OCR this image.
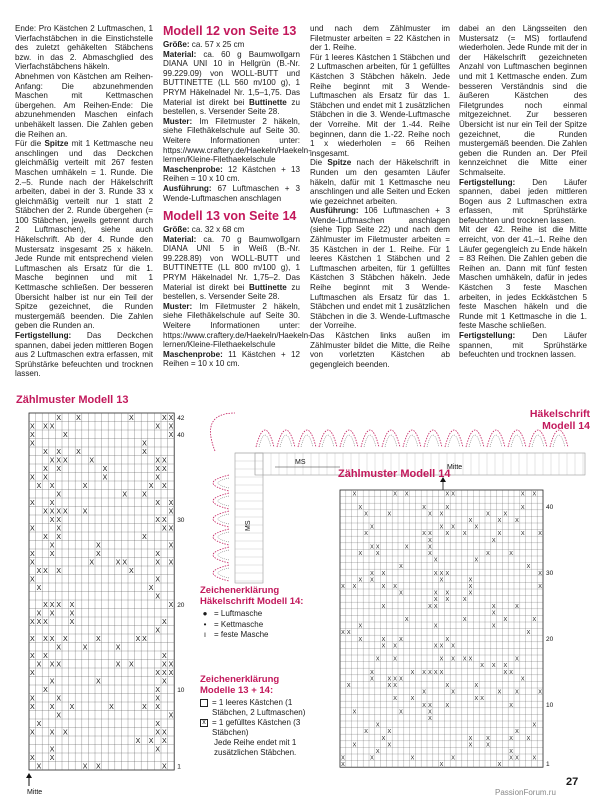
Ende: Pro Kästchen 2 Luftmaschen, 1 Vierfachstäbchen in die Einstichstelle des zuletzt gehäkelten Stäbchens bzw. in das 2. Abmaschglied des Vierfachstäbchens häkeln.

Abnehmen von Kästchen am Reihen-Anfang: Die abzunehmenden Maschen mit Kettmaschen übergehen. Am Reihen-Ende: Die abzunehmenden Maschen einfach unbehäkelt lassen. Die Zahlen geben die Reihen an.

Für die Spitze mit 1 Kettmasche neu anschlingen und das Deckchen gleichmäßig verteilt mit 267 festen Maschen umhäkeln = 1. Runde. Die 2.–5. Runde nach der Häkelschrift arbeiten, dabei in der 3. Runde 33 x gleichmäßig verteilt nur 1 statt 2 Stäbchen der 2. Runde übergehen (= 100 Stäbchen, jeweils getrennt durch 2 Luftmaschen), siehe auch Häkelschrift. Ab der 4. Runde den Mustersatz insgesamt 25 x häkeln. Jede Runde mit entsprechend vielen Luftmaschen als Ersatz für die 1. Masche beginnen und mit 1 Kettmasche schließen. Der besseren Übersicht halber ist nur ein Teil der Spitze gezeichnet, die Runden mustergemäß beenden. Die Zahlen geben die Runden an.

Fertigstellung: Das Deckchen spannen, dabei jeden mittleren Bogen aus 2 Luftmaschen extra erfassen, mit Sprühstärke befeuchten und trocknen lassen.

Modell 12 von Seite 13

Größe: ca. 57 x 25 cm

Material: ca. 60 g Baumwollgarn DIANA UNI 10 in Hellgrün (B.-Nr. 99.229.09) von WOLL-BUTT und BUTTINETTE (LL 560 m/100 g), 1 PRYM Häkelnadel Nr. 1,5–1,75. Das Material ist direkt bei Buttinette zu bestellen, s. Versender Seite 28.

Muster: Im Filetmuster 2 häkeln, siehe Filethäkelschule auf Seite 30. Weitere Informationen unter: https://www.craftery.de/Haekeln/Haekeln-lernen/Kleine-Filethaekelschule

Maschenprobe: 12 Kästchen + 13 Reihen = 10 x 10 cm.

Ausführung: 67 Luftmaschen + 3 Wende-Luftmaschen anschlagen

Modell 13 von Seite 14

Größe: ca. 32 x 68 cm

Material: ca. 70 g Baumwollgarn DIANA UNI 5 in Weiß (B.-Nr. 99.228.89) von WOLL-BUTT und BUTTINETTE (LL 800 m/100 g), 1 PRYM Häkelnadel Nr. 1,75–2. Das Material ist direkt bei Buttinette zu bestellen, s. Versender Seite 28.

Muster: Im Filetmuster 2 häkeln, siehe Filethäkelschule auf Seite 30. Weitere Informationen unter: https://www.craftery.de/Haekeln/Haekeln-lernen/Kleine-Filethaekelschule

Maschenprobe: 11 Kästchen + 12 Reihen = 10 x 10 cm.

und nach dem Zählmuster im Filetmuster arbeiten = 22 Kästchen in der 1. Reihe.

Für 1 leeres Kästchen 1 Stäbchen und 2 Luftmaschen arbeiten, für 1 gefülltes Kästchen 3 Stäbchen häkeln. Jede Reihe beginnt mit 3 Wende-Luftmaschen als Ersatz für das 1. Stäbchen und endet mit 1 zusätzlichen Stäbchen in die 3. Wende-Luftmasche der Vorreihe. Mit der 1.-44. Reihe beginnen, dann die 1.-22. Reihe noch 1 x wiederholen = 66 Reihen insgesamt.

Die Spitze nach der Häkelschrift in Runden um den gesamten Läufer häkeln, dafür mit 1 Kettmasche neu anschlingen und alle Seiten und Ecken wie gezeichnet arbeiten.

Ausführung: 106 Luftmaschen + 3 Wende-Luftmaschen anschlagen (siehe Tipp Seite 22) und nach dem Zählmuster im Filetmuster arbeiten = 35 Kästchen in der 1. Reihe. Für 1 leeres Kästchen 1 Stäbchen und 2 Luftmaschen arbeiten, für 1 gefülltes Kästchen 3 Stäbchen häkeln. Jede Reihe beginnt mit 3 Wende-Luftmaschen als Ersatz für das 1. Stäbchen und endet mit 1 zusätzlichen Stäbchen in die 3. Wende-Luftmasche der Vorreihe.

Das Kästchen links außen im Zählmuster bildet die Mitte, die Reihe von vorletzten Kästchen ab gegengleich beenden.

dabei an den Längsseiten den Mustersatz (= MS) fortlaufend wiederholen. Jede Runde mit der in der Häkelschrift gezeichneten Anzahl von Luftmaschen beginnen und mit 1 Kettmasche enden. Zum besseren Verständnis sind die äußeren Kästchen des Filetgrundes noch einmal mitgezeichnet. Zur besseren Übersicht ist nur ein Teil der Spitze gezeichnet, die Runden mustergemäß beenden. Die Zahlen geben die Runden an. Der Pfeil kennzeichnet die Mitte einer Schmalseite.

Fertigstellung: Den Läufer spannen, dabei jeden mittleren Bogen aus 2 Luftmaschen extra erfassen, mit Sprühstärke befeuchten und trocknen lassen.

Mit der 42. Reihe ist die Mitte erreicht, von der 41.–1. Reihe den Läufer gegengleich zu Ende häkeln = 83 Reihen. Die Zahlen geben die Reihen an. Dann mit fünf festen Maschen umhäkeln, dafür in jedes Kästchen 3 feste Maschen arbeiten, in jedes Eckkästchen 5 feste Maschen häkeln und die Runde mit 1 Kettmasche in die 1. feste Masche schließen.

Fertigstellung: Den Läufer spannen, mit Sprühstärke befeuchten und trocknen lassen.

Zählmuster Modell 13
X X	X	X X
X X X	X X
X	X	X
X	X
X X X	X
X X X	X	X X
X X	X	X X
X X	X	X
X X	X	X X
X	X X
X X	X X
X X X X X	X
X X	X X
X	X	X X
X X	X
X	X	X
X X	X	X
X	X	X X	X X
X X X	X
X	X
X	X
X
X X X X	X
X X X
X X X	X	X
X
X X X X	X	X X
X	X	X
X X	X
X X X	X X	X X
X	X X X
X	X	X
X	X
X	X	X
X X X	X	X X
X	X
X	X
X X X	X X
X X X
X	X
X X
X	X X	X
42
40
30
20
10
1
Mitte
Häkelschrift
Modell 14
MS
MS
Mitte
Zählmuster Modell 14
X	X X	X X	X X
X	X	X	X
X	X	X X	X X
X	X X
X	X X	X
X	X X X X	X	X X
X	X
X X	X	X
X X	X	X	X
X	X
X	X
X X	X X X	X
X X	X	X
X X	X X	X	X
X	X X	X
X X X
X	X X	X	X
X
X	X	X	X
X	X	X
X X	X
X	X X	X
X X	X X X
X X	X X X X	X
X X X
X	X X X X X	X X
X X X X	X
X	X X	X	X
X	X	X X	X
X X	X X
X X X	X
X	X	X
X
X	X
X	X	X
X	X X	X X
X	X	X X
X	X
X	X	X	X	X X X
X	X	X
40
30
20
10
1
Zeichenerklärung
Häkelschrift Modell 14:
● = Luftmasche
• = Kettmasche
ı = feste Masche
Zeichenerklärung
Modelle 13 + 14:
= 1 leeres Kästchen (1 Stäbchen, 2 Luftmaschen)
x = 1 gefülltes Kästchen (3 Stäbchen)
Jede Reihe endet mit 1 zusätzlichen Stäbchen.
27
PassionForum.ru
